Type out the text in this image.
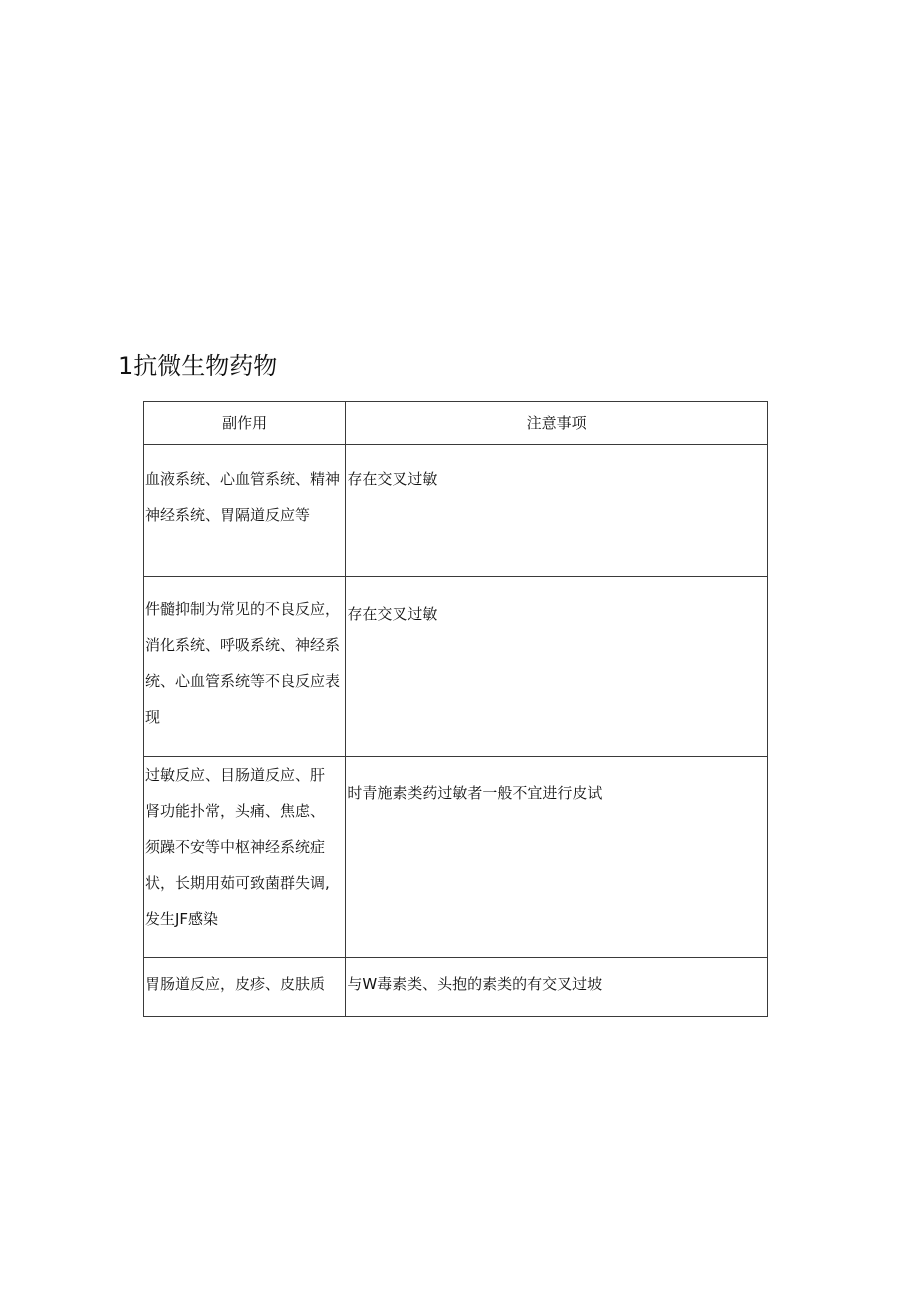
1抗微生物药物
副作用	注意事项

血液系统、心血管系统、精神
神经系统、胃隔道反应等	存在交叉过敏

件髓抑制为常见的不良反应，
消化系统、呼吸系统、神经系
统、心血管系统等不良反应表
现	存在交叉过敏

过敏反应、目肠道反应、肝
肾功能扑常，头痛、焦虑、
须躁不安等中枢神经系统症
状，长期用茹可致菌群失调,
发生JF感染	时青施素类药过敏者一般不宜进行皮试

胃肠道反应，皮疹、皮肤质	与W毒素类、头抱的素类的有交叉过坡
